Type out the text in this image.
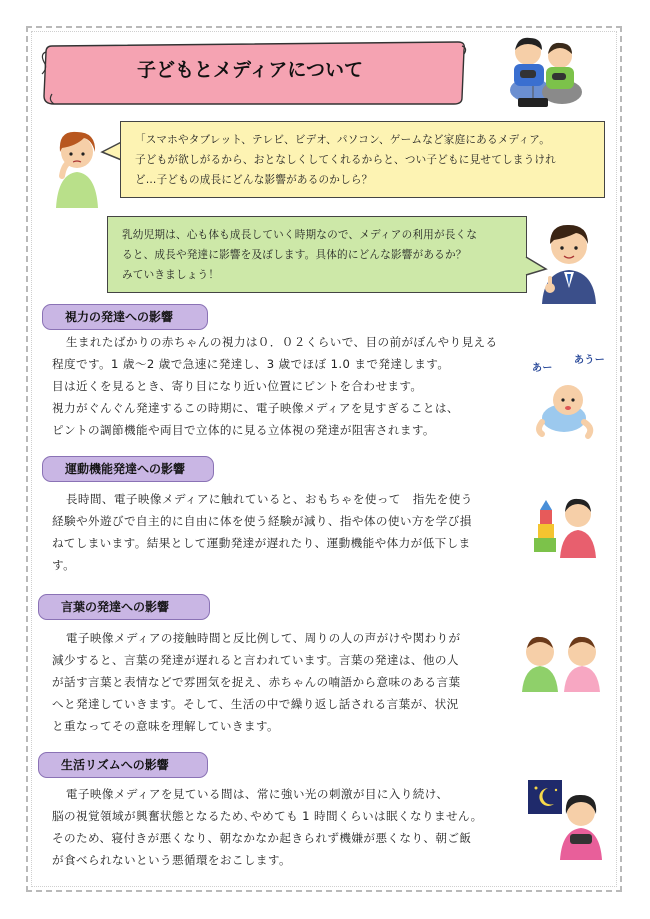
子どもとメディアについて
「スマホやタブレット、テレビ、ビデオ、パソコン、ゲームなど家庭にあるメディア。
子どもが欲しがるから、おとなしくしてくれるからと、つい子どもに見せてしまうけれ
ど…子どもの成長にどんな影響があるのかしら？
乳幼児期は、心も体も成長していく時期なので、メディアの利用が長くな
ると、成長や発達に影響を及ぼします。具体的にどんな影響があるか？
みていきましょう！
視力の発達への影響

生まれたばかりの赤ちゃんの視力は０．０２くらいで、目の前がぼんやり見える

程度です。1 歳～2 歳で急速に発達し、3 歳でほぼ 1.0 まで発達します。

目は近くを見るとき、寄り目になり近い位置にピントを合わせます。

視力がぐんぐん発達するこの時期に、電子映像メディアを見すぎることは、

ピントの調節機能や両目で立体的に見る立体視の発達が阻害されます。

あー
あうー
運動機能発達への影響

長時間、電子映像メディアに触れていると、おもちゃを使って　指先を使う

経験や外遊びで自主的に自由に体を使う経験が減り、指や体の使い方を学び損

ねてしまいます。結果として運動発達が遅れたり、運動機能や体力が低下しま

す。

言葉の発達への影響

電子映像メディアの接触時間と反比例して、周りの人の声がけや関わりが

減少すると、言葉の発達が遅れると言われています。言葉の発達は、他の人

が話す言葉と表情などで雰囲気を捉え、赤ちゃんの喃語から意味のある言葉

へと発達していきます。そして、生活の中で繰り返し話される言葉が、状況

と重なってその意味を理解していきます。

生活リズムへの影響

電子映像メディアを見ている間は、常に強い光の刺激が目に入り続け、

脳の視覚領域が興奮状態となるため､やめても 1 時間くらいは眠くなりません。

そのため、寝付きが悪くなり、朝なかなか起きられず機嫌が悪くなり、朝ご飯

が食べられないという悪循環をおこします。
